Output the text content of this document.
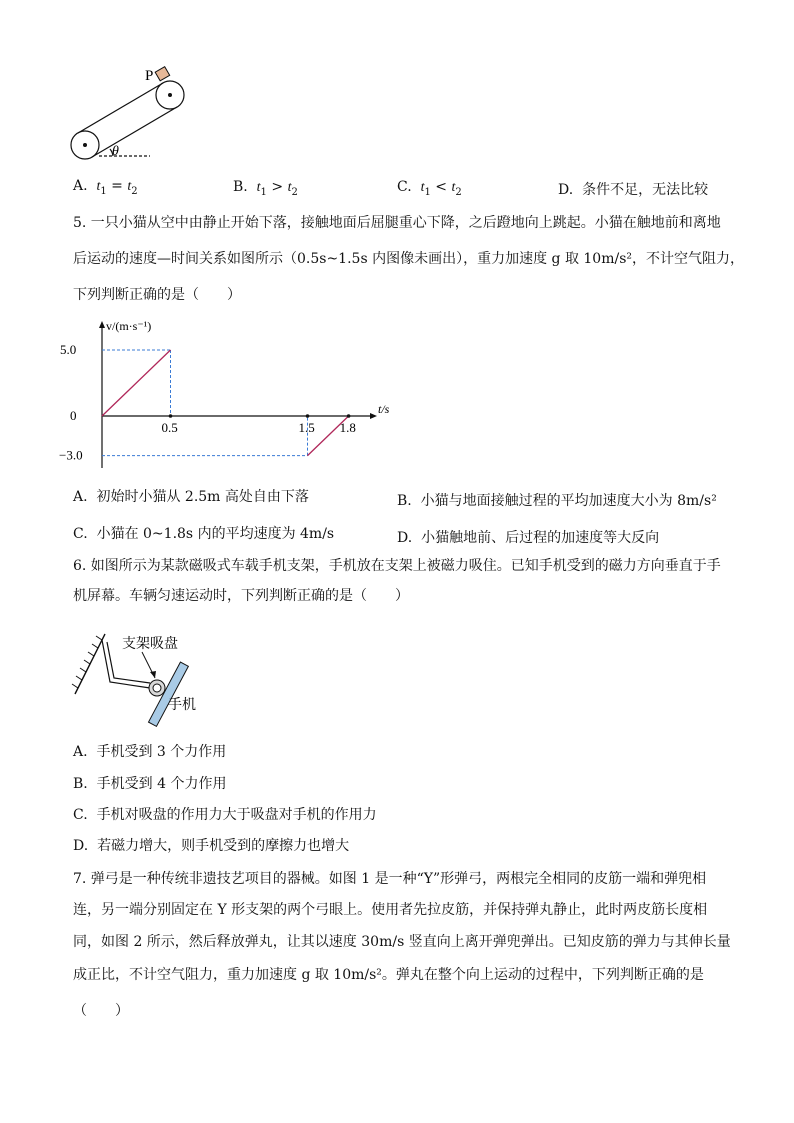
P
θ
A. $t_1 = t_2$	B. $t_1 > t_2$	C. $t_1 < t_2$	D. 条件不足，无法比较
5. 一只小猫从空中由静止开始下落，接触地面后屈腿重心下降，之后蹬地向上跳起。小猫在触地前和离地
后运动的速度—时间关系如图所示（0.5s~1.5s 内图像未画出），重力加速度 g 取 10m/s²，不计空气阻力，
下列判断正确的是（　　）
0.5	1.5 1.8
5.0
0
−3.0
v/(m·s⁻¹)
t/s
A. 初始时小猫从 2.5m 高处自由下落	B. 小猫与地面接触过程的平均加速度大小为 8m/s²
C. 小猫在 0~1.8s 内的平均速度为 4m/s	D. 小猫触地前、后过程的加速度等大反向
6. 如图所示为某款磁吸式车载手机支架，手机放在支架上被磁力吸住。已知手机受到的磁力方向垂直于手
机屏幕。车辆匀速运动时，下列判断正确的是（　　）
支架吸盘
手机
A. 手机受到 3 个力作用
B. 手机受到 4 个力作用
C. 手机对吸盘的作用力大于吸盘对手机的作用力
D. 若磁力增大，则手机受到的摩擦力也增大
7. 弹弓是一种传统非遗技艺项目的器械。如图 1 是一种“Y”形弹弓，两根完全相同的皮筋一端和弹兜相
连，另一端分别固定在 Y 形支架的两个弓眼上。使用者先拉皮筋，并保持弹丸静止，此时两皮筋长度相
同，如图 2 所示，然后释放弹丸，让其以速度 30m/s 竖直向上离开弹兜弹出。已知皮筋的弹力与其伸长量
成正比，不计空气阻力，重力加速度 g 取 10m/s²。弹丸在整个向上运动的过程中，下列判断正确的是
（　　）
